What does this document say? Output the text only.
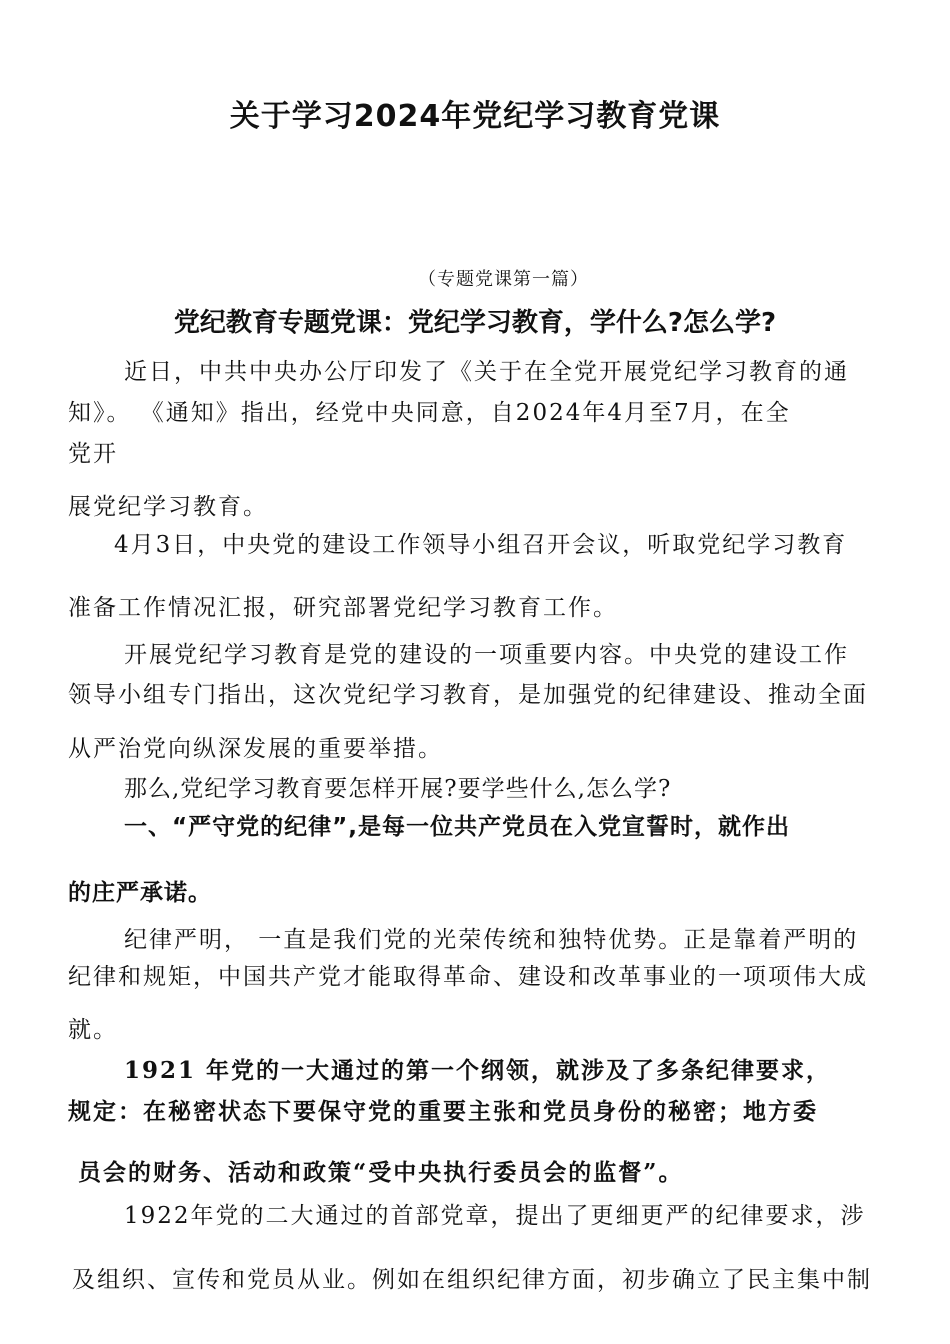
关于学习2024年党纪学习教育党课
（专题党课第一篇）
党纪教育专题党课：党纪学习教育，学什么?怎么学?
近日，中共中央办公厅印发了《关于在全党开展党纪学习教育的通
知》。 《通知》指出，经党中央同意，自2024年4月至7月，在全
党开
展党纪学习教育。
4月3日，中央党的建设工作领导小组召开会议，听取党纪学习教育
准备工作情况汇报，研究部署党纪学习教育工作。
开展党纪学习教育是党的建设的一项重要内容。中央党的建设工作
领导小组专门指出，这次党纪学习教育，是加强党的纪律建设、推动全面
从严治党向纵深发展的重要举措。
那么,党纪学习教育要怎样开展?要学些什么,怎么学?
一、“严守党的纪律”,是每一位共产党员在入党宣誓时，就作出
的庄严承诺。
纪律严明， 一直是我们党的光荣传统和独特优势。正是靠着严明的
纪律和规矩，中国共产党才能取得革命、建设和改革事业的一项项伟大成
就。
1921 年党的一大通过的第一个纲领，就涉及了多条纪律要求，
规定：在秘密状态下要保守党的重要主张和党员身份的秘密；地方委
员会的财务、活动和政策“受中央执行委员会的监督”。
1922年党的二大通过的首部党章，提出了更细更严的纪律要求，涉
及组织、宣传和党员从业。例如在组织纪律方面，初步确立了民主集中制
